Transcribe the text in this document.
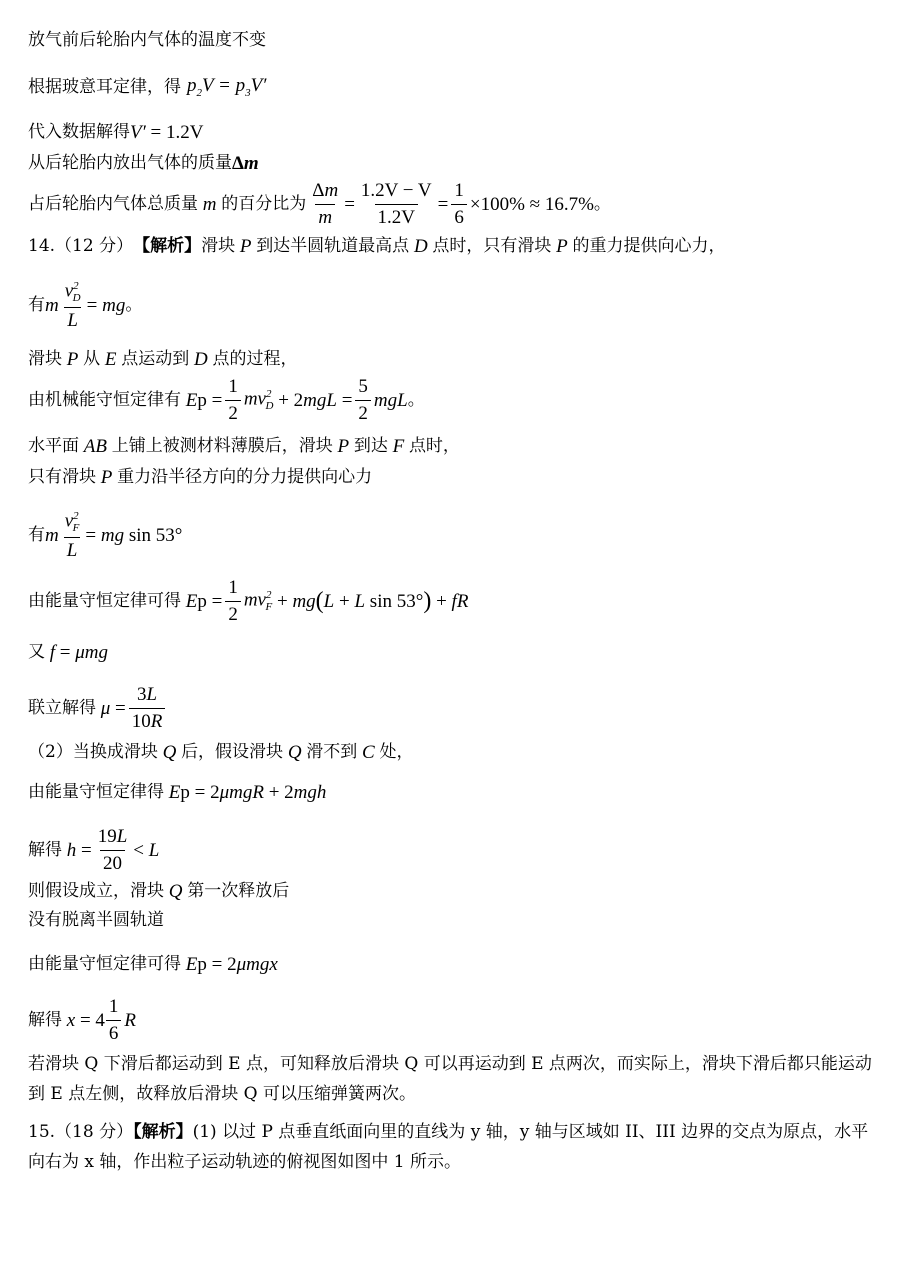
放气前后轮胎内气体的温度不变
根据玻意耳定律，得 $p_2V = p_3V'$
代入数据解得 V′ = 1.2V
从后轮胎内放出气体的质量 Δ m
占后轮胎内气体总质量 m 的百分比为 $\frac{\Delta m}{m} = \frac{1.2V - V}{1.2V} = \frac{1}{6} \times 100\% \approx 16.7\%$ 。
14.（12 分） 【解析】 滑块 P 到达半圆轨道最高点 D 点时，只有滑块 P 的重力提供向心力，
有 m $\frac{v^2_D}{L}$ = mg 。
滑块 P 从 E 点运动到 D 点的过程，
由机械能守恒定律有 E $p = \frac{1}{2} mv^2_D + 2$ mgL = $\frac{5}{2}$ mgL 。
水平面 AB 上铺上被测材料薄膜后，滑块 P 到达 F 点时，
只有滑块 P 重力沿半径方向的分力提供向心力
有 m $\frac{v^2_F}{L}$ = mg
sin 53°
由能量守恒定律可得 E $p = \frac{1}{2} mv^2_F$ + mg ( L + L sin 53° ) + fR
又 f = μmg
联立解得 $\mu = \frac{3L}{10R}$
（2）当换成滑块 Q 后，假设滑块 Q 滑不到 C 处，
由能量守恒定律得 E p = 2 μmgR + 2 mgh
解得 $h = \frac{19L}{20} < L$
则假设成立，滑块 Q 第一次释放后
没有脱离半圆轨道
由能量守恒定律可得 E p = 2 μmgx
解得 $x = 4 \frac{1}{6}$ R
若滑块 Q 下滑后都运动到 E 点，可知释放后滑块 Q 可以再运动到 E 点两次，而实际上，滑块下滑后都只能运动到 E 点左侧，故释放后滑块 Q 可以压缩弹簧两次。
15.（18 分）【解析】(1) 以过 P 点垂直纸面向里的直线为 y 轴，y 轴与区域如 II、III 边界的交点为原点，水平向右为 x 轴，作出粒子运动轨迹的俯视图如图中 1 所示。
